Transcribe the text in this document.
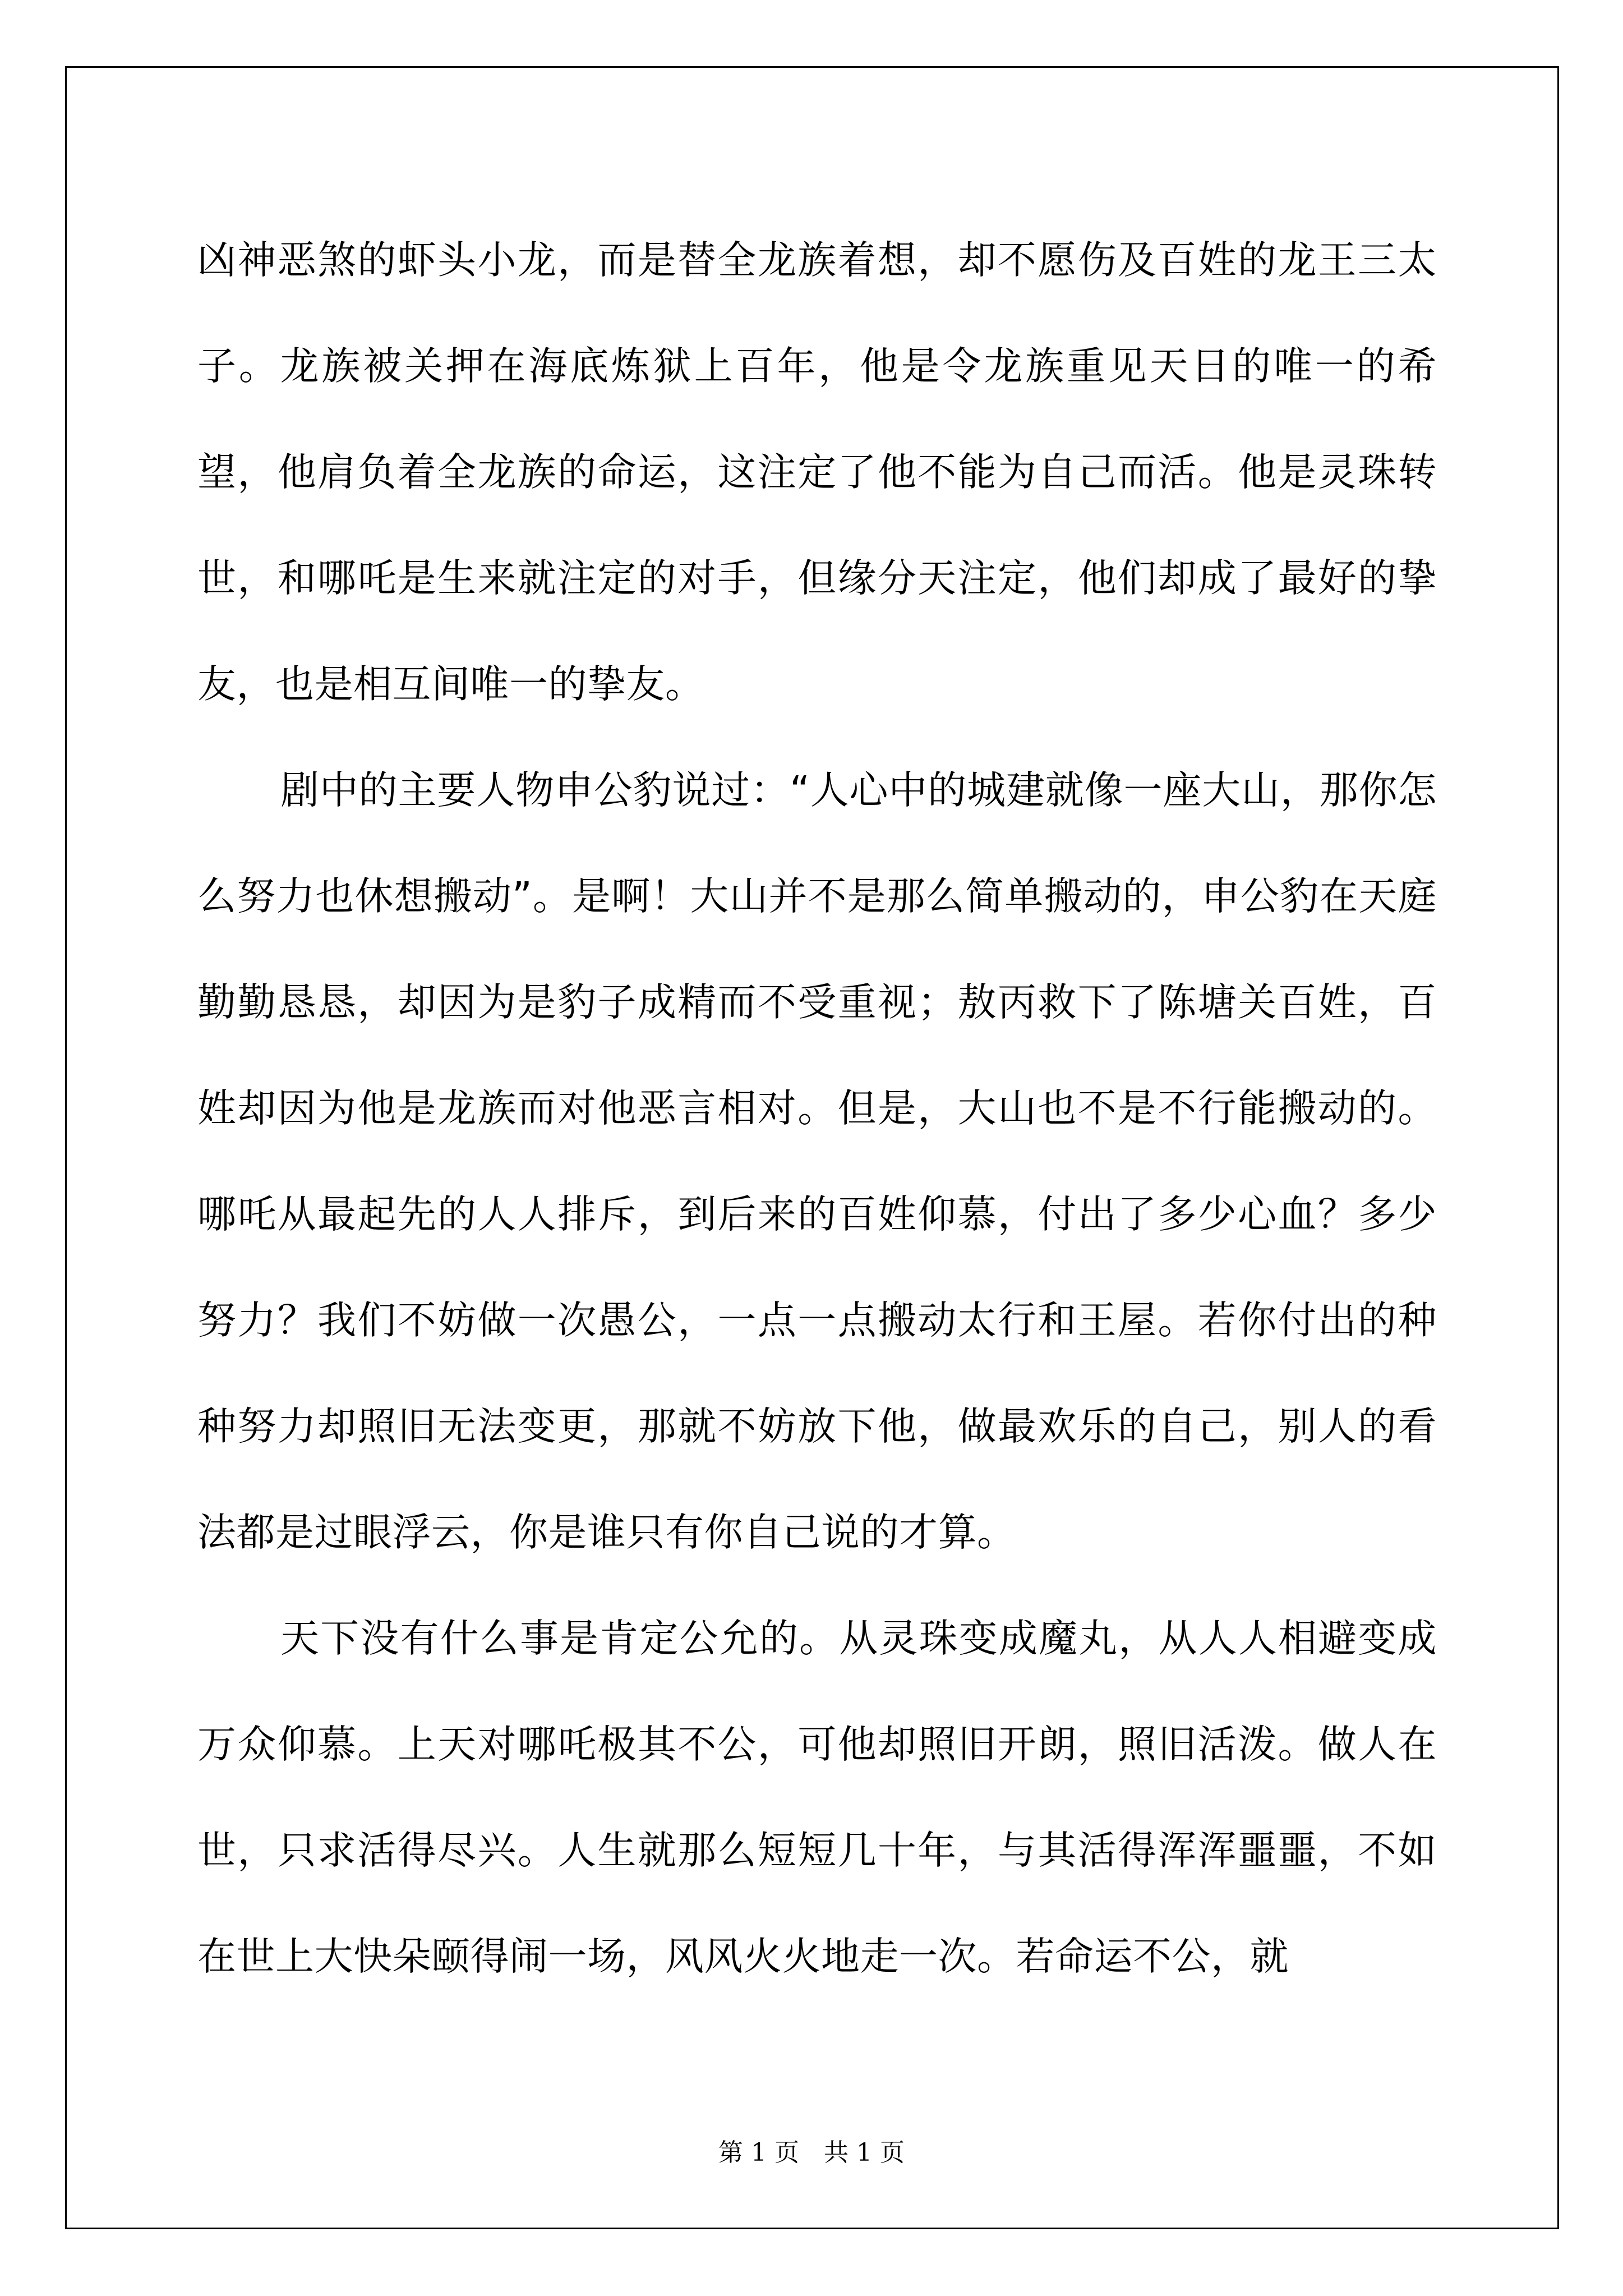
凶神恶煞的虾头小龙，而是替全龙族着想，却不愿伤及百姓的龙王三太子。龙族被关押在海底炼狱上百年，他是令龙族重见天日的唯一的希望，他肩负着全龙族的命运，这注定了他不能为自己而活。他是灵珠转世，和哪吒是生来就注定的对手，但缘分天注定，他们却成了最好的挚友，也是相互间唯一的挚友。

剧中的主要人物申公豹说过：“人心中的城建就像一座大山，那你怎么努力也休想搬动”。是啊！大山并不是那么简单搬动的，申公豹在天庭勤勤恳恳，却因为是豹子成精而不受重视；敖丙救下了陈塘关百姓，百姓却因为他是龙族而对他恶言相对。但是，大山也不是不行能搬动的。哪吒从最起先的人人排斥，到后来的百姓仰慕，付出了多少心血？多少努力？我们不妨做一次愚公，一点一点搬动太行和王屋。若你付出的种种努力却照旧无法变更，那就不妨放下他，做最欢乐的自己，别人的看法都是过眼浮云，你是谁只有你自己说的才算。

天下没有什么事是肯定公允的。从灵珠变成魔丸，从人人相避变成万众仰慕。上天对哪吒极其不公，可他却照旧开朗，照旧活泼。做人在世，只求活得尽兴。人生就那么短短几十年，与其活得浑浑噩噩，不如在世上大快朵颐得闹一场，风风火火地走一次。若命运不公，就

第 1 页　共 1 页
